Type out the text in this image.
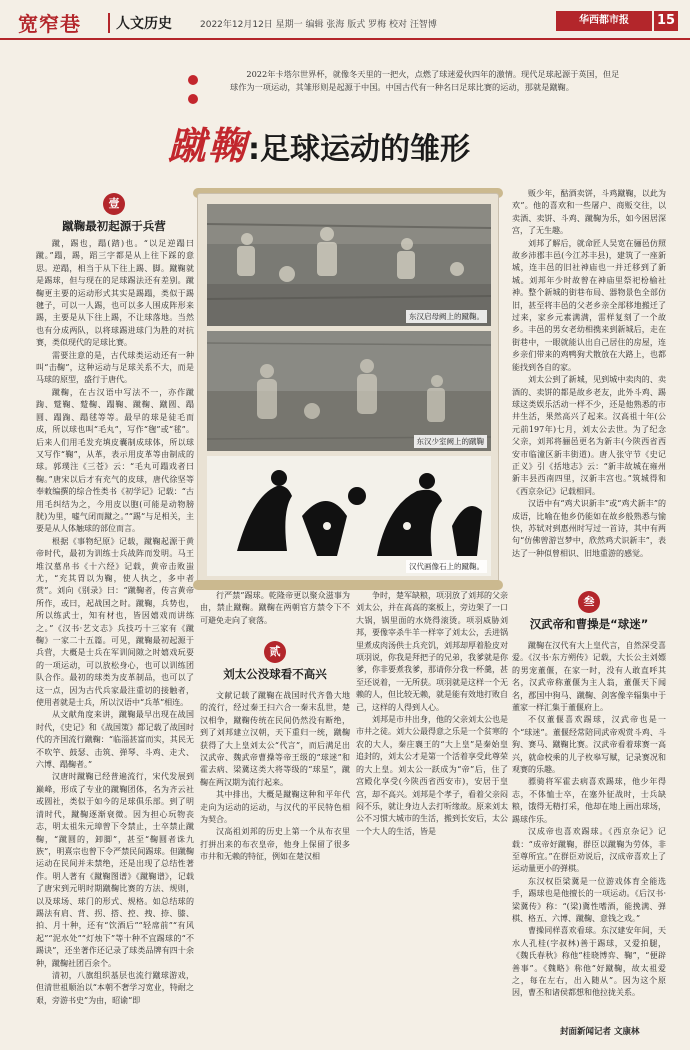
宽窄巷	人文历史	2022年12月12日 星期一 编辑 张海 版式 罗梅 校对 汪智博	华西都市报	15
2022年卡塔尔世界杯，就像冬天里的一把火，点燃了球迷爱伙四年的激情。现代足球起源于英国，但足球作为一项运动，其雏形则是起源于中国。中国古代有一种名曰足球比赛的运动，那就是蹴鞠。
蹴鞠:足球运动的雏形
东汉启母阙上的蹴鞠。
东汉少室阙上的蹴鞠
汉代画像石上的蹴鞠。
壹
蹴鞠最初起源于兵营

蹴，踢也，蹋(踏)也。“以足逆蹋曰蹴。”蹋，踢，蹈三字都是从上往下踩的意思。逆蹋，相当于从下往上踢、脚。蹴鞠就是踢球，但与现在的足球踢法还有差别。蹴鞠更主要的运动形式其实是踢蹋，类似于踢毽子，可以一人踢，也可以多人围成阵形来踢，主要是从下往上踢，不让球落地。当然也有分成两队，以将球踢进球门为胜的对抗赛，类似现代的足球比赛。

需要注意的是，古代球类运动还有一种叫“击鞠”，这种运动与足球关系不大，而是马球的原型，盛行于唐代。

蹴鞠，在古汉语中写法不一，亦作蹴踘、蹵鞠、蹵鞠、蹋鞠、蹴鞠、蹴圆、蹋圆、蹋踘、蹋毬等等。最早的球是徒毛而成，所以球也叫“毛丸”，写作“毱”或“毬”。后来人们用毛发充填皮囊制成球体，所以球又写作“鞠”，从革，表示用皮革等由制成的球。郭璞注《三苍》云：“毛丸可蹋戏者曰鞠。”唐宋以后才有充气的皮球，唐代徐坚等奉敕编撰的综合性类书《初学记》记载：“古用毛纠结为之，今用皮以胞(可能是动物膀胱)为里，嘘气闭而蹴之。”“踢”与足相关，主要是从人体触球的部位而言。

根据《事物纪原》记载，蹴鞠起源于黄帝时代，最初为训练士兵战阵而发明。马王堆汉墓帛书《十六经》记载，黄帝击败蚩尤，“充其胃以为鞠，使人执之，多中者赏”。刘向《别录》曰：“蹴鞠者，传言黄帝所作，或曰，起战国之时。蹴鞠，兵势也，所以练武士，知有材也，皆因嬉戏而讲练之。”《汉书·艺文志》兵技巧十三家有《蹴鞠》一家二十五篇。可见，蹴鞠最初起源于兵营，大概是士兵在军训间隙之时嬉戏玩耍的一项运动，可以放松身心，也可以训练团队合作。最初的球类为皮革制品，也可以了这一点，因为古代兵家最注重切的接触者，使用者就是士兵，所以汉语中“兵革”相连。

从文献角度来讲，蹴鞠最早出现在战国时代，《史记》和《战国策》都记载了战国时代的齐国流行蹴鞠：“临淄甚富而实，其民无不吹竽、鼓瑟、击筑、弹琴、斗鸡、走犬、六博、蹋鞠者。”

汉唐时蹴鞠已经普遍流行，宋代发展到巅峰，形成了专业的蹴鞠团体，名为齐云社或圆社，类似于如今的足球俱乐部。到了明清时代，蹴鞠逐渐衰微。因为担心玩物丧志，明太祖朱元璋曾下令禁止，士卒禁止蹴鞠，“蹴圆的，卸脚”，甚至“鞠圆者诛九族”，明熹宗也曾下令严禁民间踢球。但蹴鞠运动在民间并未禁绝，还是出现了总结性著作。明人著有《蹴鞠图谱》《蹴鞠谱》，记载了唐宋到元明时期蹴鞠比赛的方法、规则，以及球场、球门的形式、规格。如总结球的踢法有肩、背、拐、搭、控、拽、捺、膝、拍、月十种，还有“饮酒后”“轻席前”“有风起”“泥水处”“灯烛下”等十种不宜踢球的“不踢诀”，还坐著作还记录了球类品牌有四十余种，蹴鞠社团百余个。

清初，八旗组织基层也流行蹴球游戏，但清世祖顺治以“本朝不奢学习宽业，特耐之艰，旁游书史”为由，昭谕“即

行严禁”踢球。乾隆帝更以聚众滋事为由，禁止蹴鞠。蹴鞠在两朝官方禁令下不可避免走向了衰落。

贰
刘太公没球看不高兴

文献记载了蹴鞠在战国时代齐鲁大地的流行，经过秦王扫六合一秦末乱世，楚汉相争，蹴鞠传统在民间仍然没有断绝，到了刘邦建立汉朝，天下重归一统，蹴鞠获得了大上皇刘太公“代言”，而后满足出汉武帝、魏武帝曹操等帝王级的“球迷”和霍去病、梁冀这类大将等级的“球星”，蹴鞠在两汉期为流行起来。

其中排出，大概是蹴鞠这种和平年代走向为运动的运动，与汉代的平民特色相为契合。

汉高祖刘邦的历史上第一个从布衣里打拼出来的布衣皇帝，他身上保留了很多市井和无赖的特征，例如在楚汉相

争时，楚军缺粮，项羽放了刘邦的父亲刘太公，并在高高的案板上，旁边架了一口大锅，锅里面的水烧得滚烫。项羽威胁刘邦，要像宰杀牛羊一样宰了刘太公，丢进锅里煮成肉汤供士兵充饥，刘邦却厚着脸皮对项羽说，你我是拜把子的兄弟，我爹就是你爹，你非要煮我爹，那请你分我一杯羹，甚至还说着，一无所获。项羽就是这样一个无赖的人，但比较无赖，就是能有效地打败自己，这样的人得到人心。

刘邦是市井出身，他的父亲刘太公也是市井之徒。刘大公最得意之乐是一个贫寒的农的大人，秦庄襄王的“大上皇”是秦始皇追封的，刘太公才是第一个活着享受此尊荣的大上皇。刘太公一跃成为“帝”后，住了宫殿化享受(今陕西省西安市)，安居于皇宫，却不高兴。刘邦是个孝子，看着父亲闷闷不乐，就让身边人去打听缘故。原来刘太公不习惯大城市的生活，搬到长安后，太公一个大人的生活，皆是

贩少年，酤酒卖饼，斗鸡蹴鞠，以此为欢”。他的喜欢和一些屠户、商贩交往，以卖酒、卖饼、斗鸡、蹴鞠为乐，如今困居深宫，了无生趣。

刘邦了解后，就命匠人吴宽在骊邑仿照故乡沛郡丰邑(今江苏丰县)，建筑了一座新城，连丰邑的旧社神庙也一并迁移到了新城。刘邦年少时故曾在神庙里祭祀枌榆社神。整个新城的街巷布局、器物景色全部仿旧，甚至将丰邑的父老乡亲全部移地搬迁了过来，家乡元素满满，雷样复刻了一个故乡。丰邑的男女老幼相携来到新城后，走在街巷中，一眼就能认出自己居住的房屋，连乡亲们带来的鸡鸭狗犬散放在大路上，也都能找到各自的家。

刘太公到了新城，见到城中卖肉的、卖酒的、卖饼的都是故乡老友，此外斗鸡、踢球这类娱乐活动一样不少，还是他熟悉的市井生活，果然高兴了起来。汉高祖十年(公元前197年)七月，刘太公去世。为了纪念父亲，刘邦将骊邑更名为新丰(今陕西省西安市临潼区新丰街道)。唐人张守节《史记正义》引《括地志》云：“新丰故城在雍州新丰县西南四里，汉新丰宫也。”筑城得和《西京杂记》记载相同。

汉语中有“鸡犬识新丰”或“鸡犬新丰”的成语，比喻在他乡仍能如在故乡般熟悉与愉快，苏轼对到惠州时写过一首诗，其中有两句“仿佛曾游岂梦中，欣然鸡犬识新丰”，表达了一种似曾相识、旧地重游的感觉。

叁
汉武帝和曹操是“球迷”

蹴鞠在汉代有大上皇代言，自然深受喜爱。《汉书·东方朔传》记载，大长公主刘嫖的男宠董偃，在家一时，没有人敢直呼其名，汉武帝称董偃为主人翁，董偃天下闻名，郡国中狗马、蹴鞠、剑客像辛辐集中于董家一样汇集于董偃府上。

不仅董偃喜欢踢球，汉武帝也是一个“球迷”。董偃经常陪同武帝观赏斗鸡、斗狗、赛马、蹴鞠比赛。汉武帝看着球赛一高兴，就命校乘的儿子枚皋写赋，记录赛况和观赛的乐趣。

骠骑将军霍去病喜欢踢球，他少年得志，不体恤士卒，在塞外征战时，士兵缺粮，饿得无精打采，他却在地上画出球场，踢球作乐。

汉成帝也喜欢踢球。《西京杂记》记载：“成帝好蹴鞠，群臣以蹴鞠为劳体，非至尊所宜。”在群臣劝说后，汉成帝喜欢上了运动量更小的弹棋。

东汉权臣梁冀是一位游戏体育全能选手，踢球也是他擅长的一项运动。《后汉书·梁冀传》称：“(梁)冀性嗜酒，能挽满、弹棋、格五、六博、蹴鞠、意钱之戏。”

曹操同样喜欢看球。东汉建安年间，天水人孔桂(字叔林)善于踢球，又爱拍腿，《魏氏春秋》称他“桂晓博弈、鞠”，“便辟善事”。《魏略》称他“好蹴鞠，故太祖爱之，每在左右，出入随从”。因为这个原因，曹丕和诸侯都想和他拉拢关系。

封面新闻记者 文康林
